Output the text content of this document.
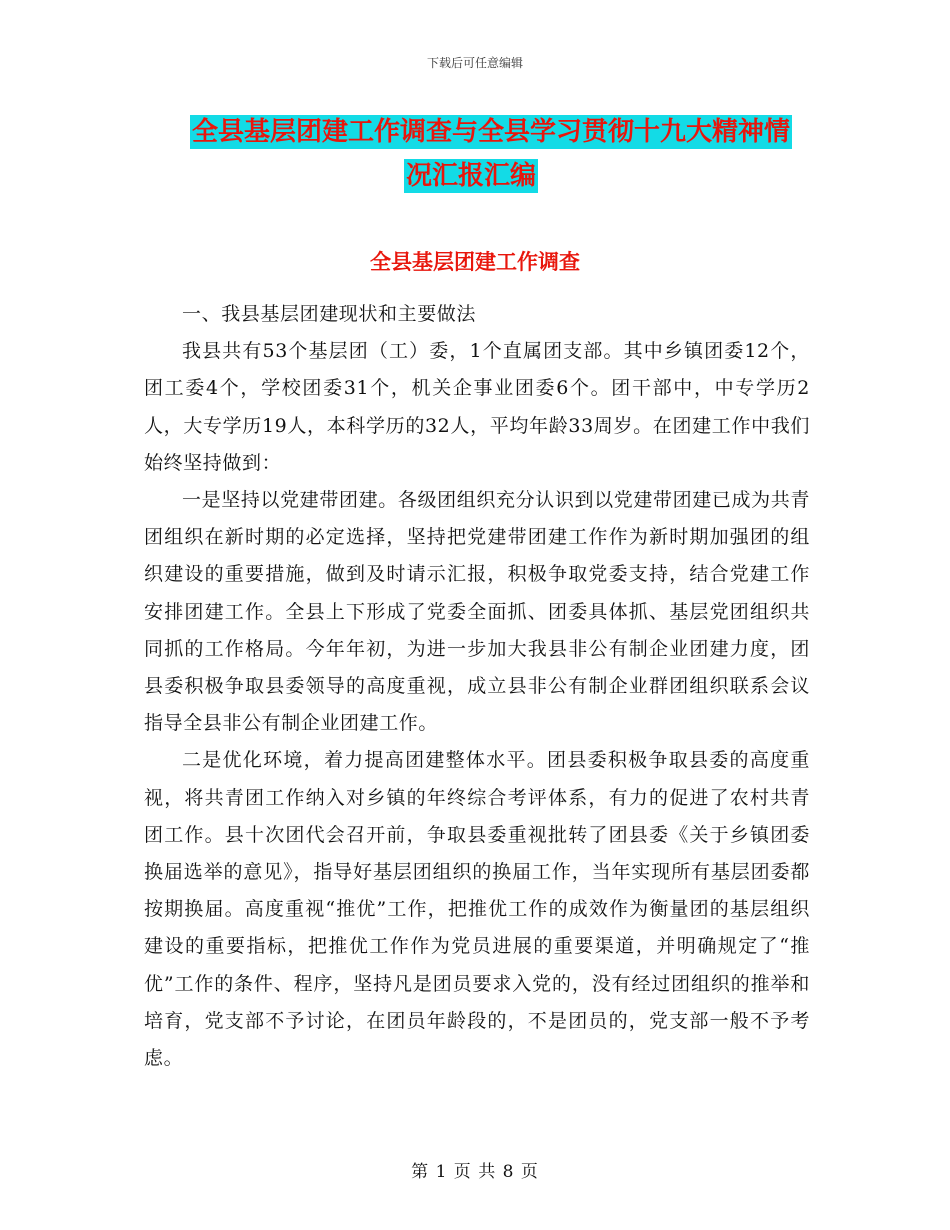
下载后可任意编辑
全县基层团建工作调查与全县学习贯彻十九大精神情
况汇报汇编
全县基层团建工作调查

一、我县基层团建现状和主要做法

我县共有53个基层团（工）委，1个直属团支部。其中乡镇团委12个，团工委4个，学校团委31个，机关企事业团委6个。团干部中，中专学历2人，大专学历19人，本科学历的32人，平均年龄33周岁。在团建工作中我们始终坚持做到：

一是坚持以党建带团建。各级团组织充分认识到以党建带团建已成为共青团组织在新时期的必定选择，坚持把党建带团建工作作为新时期加强团的组织建设的重要措施，做到及时请示汇报，积极争取党委支持，结合党建工作安排团建工作。全县上下形成了党委全面抓、团委具体抓、基层党团组织共同抓的工作格局。今年年初，为进一步加大我县非公有制企业团建力度，团县委积极争取县委领导的高度重视，成立县非公有制企业群团组织联系会议指导全县非公有制企业团建工作。

二是优化环境，着力提高团建整体水平。团县委积极争取县委的高度重视，将共青团工作纳入对乡镇的年终综合考评体系，有力的促进了农村共青团工作。县十次团代会召开前，争取县委重视批转了团县委《关于乡镇团委换届选举的意见》，指导好基层团组织的换届工作，当年实现所有基层团委都按期换届。高度重视“推优”工作，把推优工作的成效作为衡量团的基层组织建设的重要指标，把推优工作作为党员进展的重要渠道，并明确规定了“推优”工作的条件、程序，坚持凡是团员要求入党的，没有经过团组织的推举和培育，党支部不予讨论，在团员年龄段的，不是团员的，党支部一般不予考虑。

第 1 页 共 8 页
